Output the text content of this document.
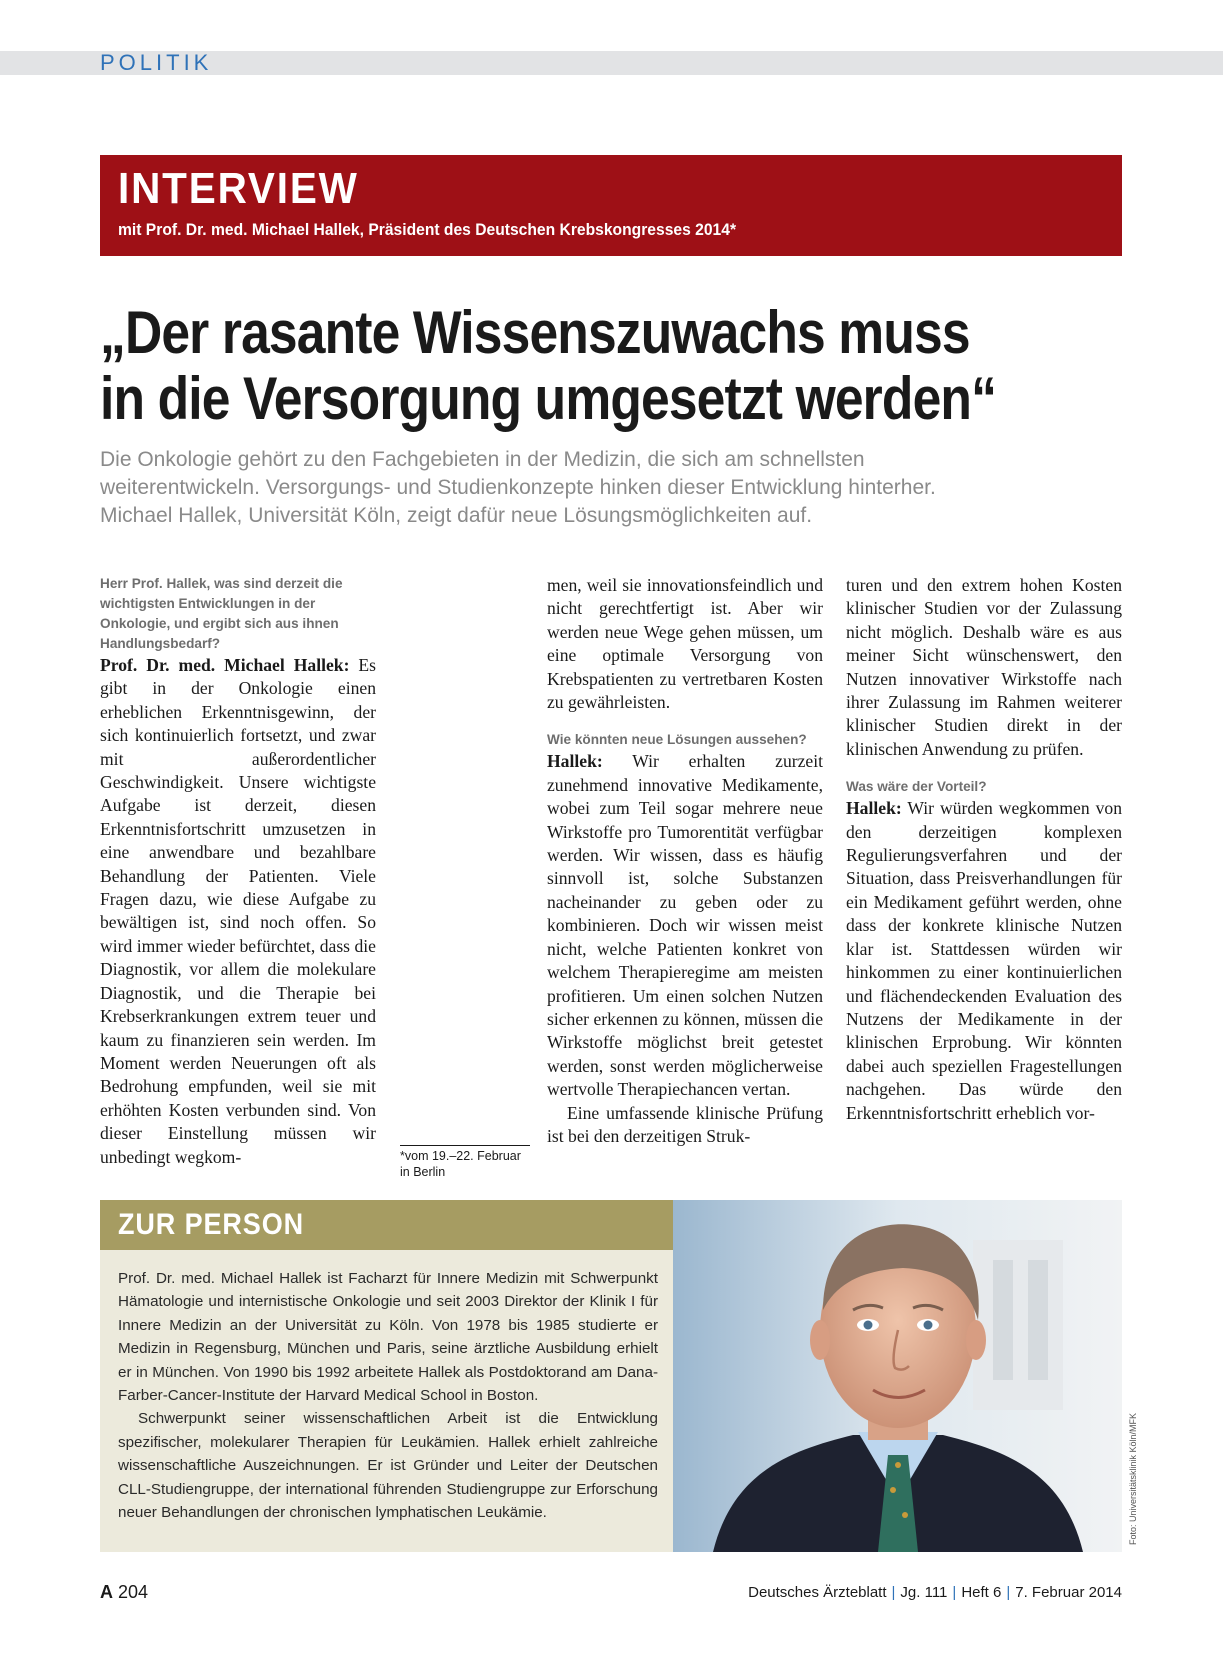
POLITIK
INTERVIEW
mit Prof. Dr. med. Michael Hallek, Präsident des Deutschen Krebskongresses 2014*
„Der rasante Wissenszuwachs muss
in die Versorgung umgesetzt werden“
Die Onkologie gehört zu den Fachgebieten in der Medizin, die sich am schnellsten
weiterentwickeln. Versorgungs- und Studienkonzepte hinken dieser Entwicklung hinterher.
Michael Hallek, Universität Köln, zeigt dafür neue Lösungsmöglichkeiten auf.

Herr Prof. Hallek, was sind derzeit die wichtigsten Entwicklungen in der Onkologie, und ergibt sich aus ihnen Handlungsbedarf?

Prof. Dr. med. Michael Hallek: Es gibt in der Onkologie einen erheblichen Erkenntnisgewinn, der sich kontinuierlich fortsetzt, und zwar mit außerordentlicher Geschwindigkeit. Unsere wichtigste Aufgabe ist derzeit, diesen Erkenntnisfortschritt umzusetzen in eine anwendbare und bezahlbare Behandlung der Patienten. Viele Fragen dazu, wie diese Aufgabe zu bewältigen ist, sind noch offen. So wird immer wieder befürchtet, dass die Diagnostik, vor allem die molekulare Diagnostik, und die Therapie bei Krebserkrankungen extrem teuer und kaum zu finanzieren sein werden. Im Moment werden Neuerungen oft als Bedrohung empfunden, weil sie mit erhöhten Kosten verbunden sind. Von dieser Einstellung müssen wir unbedingt wegkom-	*vom 19.–22. Februar in Berlin

men, weil sie innovationsfeindlich und nicht gerechtfertigt ist. Aber wir werden neue Wege gehen müssen, um eine optimale Versorgung von Krebspatienten zu vertretbaren Kosten zu gewährleisten.

Wie könnten neue Lösungen aussehen?

Hallek: Wir erhalten zurzeit zunehmend innovative Medikamente, wobei zum Teil sogar mehrere neue Wirkstoffe pro Tumorentität verfügbar werden. Wir wissen, dass es häufig sinnvoll ist, solche Substanzen nacheinander zu geben oder zu kombinieren. Doch wir wissen meist nicht, welche Patienten konkret von welchem Therapieregime am meisten profitieren. Um einen solchen Nutzen sicher erkennen zu können, müssen die Wirkstoffe möglichst breit getestet werden, sonst werden möglicherweise wertvolle Therapiechancen vertan.

Eine umfassende klinische Prüfung ist bei den derzeitigen Struk-

turen und den extrem hohen Kosten klinischer Studien vor der Zulassung nicht möglich. Deshalb wäre es aus meiner Sicht wünschenswert, den Nutzen innovativer Wirkstoffe nach ihrer Zulassung im Rahmen weiterer klinischer Studien direkt in der klinischen Anwendung zu prüfen.

Was wäre der Vorteil?

Hallek: Wir würden wegkommen von den derzeitigen komplexen Regulierungsverfahren und der Situation, dass Preisverhandlungen für ein Medikament geführt werden, ohne dass der konkrete klinische Nutzen klar ist. Stattdessen würden wir hinkommen zu einer kontinuierlichen und flächendeckenden Evaluation des Nutzens der Medikamente in der klinischen Erprobung. Wir könnten dabei auch speziellen Fragestellungen nachgehen. Das würde den Erkenntnisfortschritt erheblich vor-

ZUR PERSON

Prof. Dr. med. Michael Hallek ist Facharzt für Innere Medizin mit Schwerpunkt Hämatologie und internistische Onkologie und seit 2003 Direktor der Klinik I für Innere Medizin an der Universität zu Köln. Von 1978 bis 1985 studierte er Medizin in Regensburg, München und Paris, seine ärztliche Ausbildung erhielt er in München. Von 1990 bis 1992 arbeitete Hallek als Postdoktorand am Dana-Farber-Cancer-Institute der Harvard Medical School in Boston.

Schwerpunkt seiner wissenschaftlichen Arbeit ist die Entwicklung spezifischer, molekularer Therapien für Leukämien. Hallek erhielt zahlreiche wissenschaftliche Auszeichnungen. Er ist Gründer und Leiter der Deutschen CLL-Studiengruppe, der international führenden Studiengruppe zur Erforschung neuer Behandlungen der chronischen lymphatischen Leukämie.	Foto: Universitätsklinik Köln/MFK
A 204	Deutsches Ärzteblatt | Jg. 111 | Heft 6 | 7. Februar 2014
